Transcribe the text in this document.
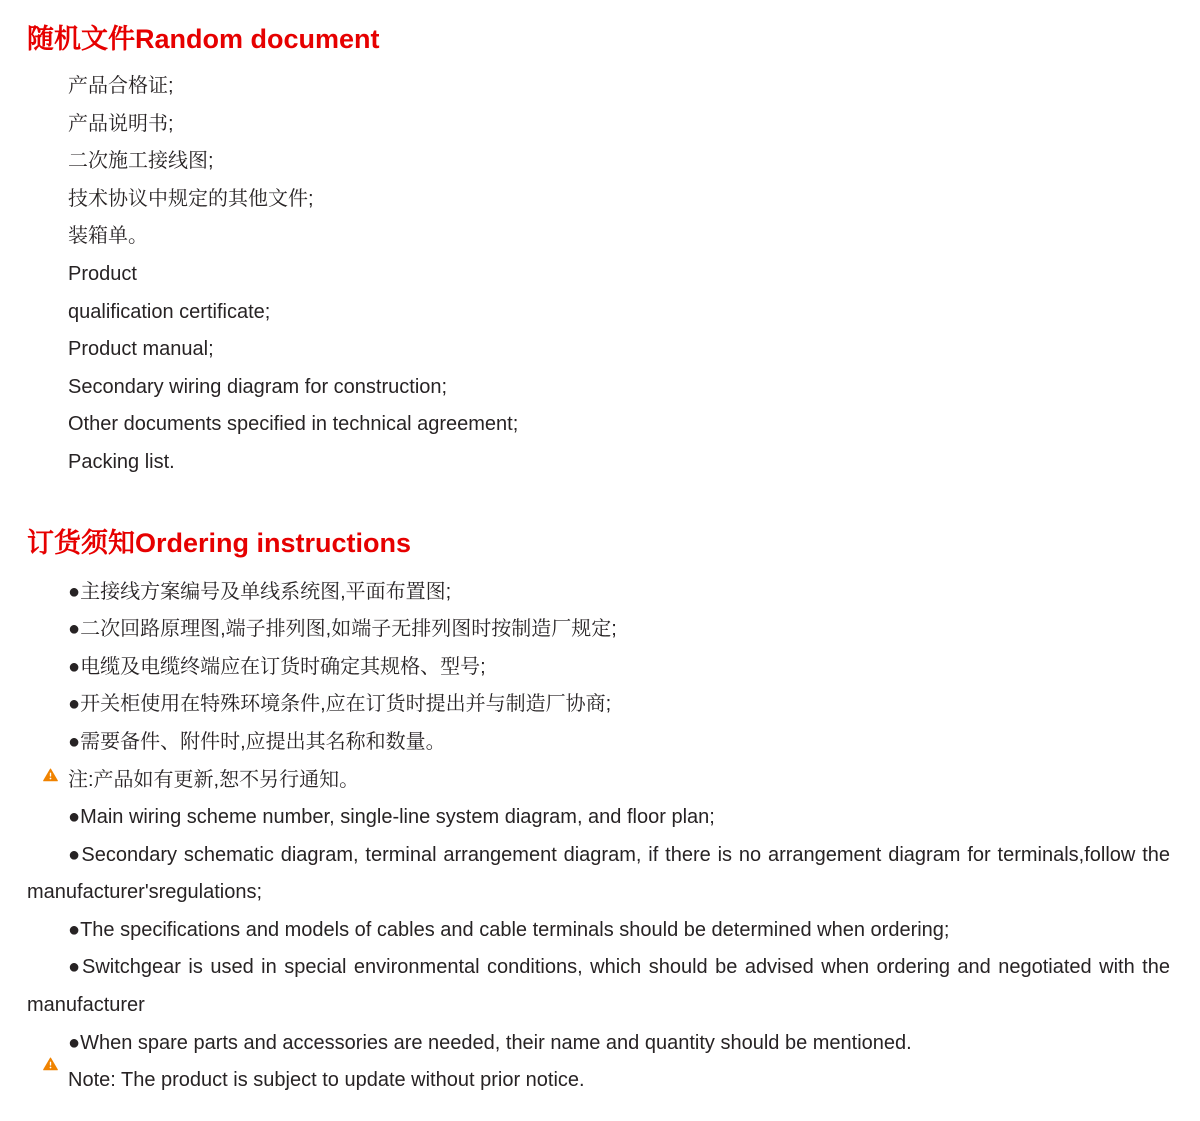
随机文件Random document

产品合格证;

产品说明书;

二次施工接线图;

技术协议中规定的其他文件;

装箱单。

Product

qualification certificate;

Product manual;

Secondary wiring diagram for construction;

Other documents specified in technical agreement;

Packing list.

订货须知Ordering instructions

●主接线方案编号及单线系统图,平面布置图;

●二次回路原理图,端子排列图,如端子无排列图时按制造厂规定;

●电缆及电缆终端应在订货时确定其规格、型号;

●开关柜使用在特殊环境条件,应在订货时提出并与制造厂协商;

●需要备件、附件时,应提出其名称和数量。

注:产品如有更新,恕不另行通知。

●Main wiring scheme number, single-line system diagram, and floor plan;

●Secondary schematic diagram, terminal arrangement diagram, if there is no arrangement diagram for terminals,follow the manufacturer'sregulations;

●The specifications and models of cables and cable terminals should be determined when ordering;

●Switchgear is used in special environmental conditions, which should be advised when ordering and negotiated with the manufacturer

●When spare parts and accessories are needed, their name and quantity should be mentioned.

Note: The product is subject to update without prior notice.
